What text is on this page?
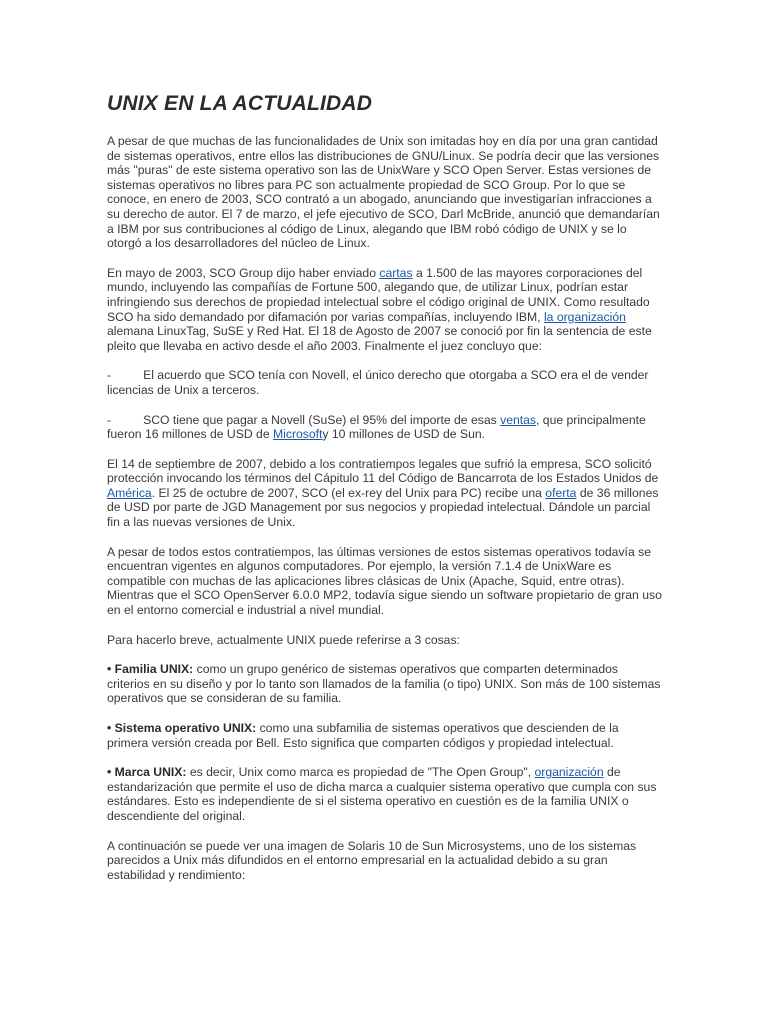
UNIX EN LA ACTUALIDAD

A pesar de que muchas de las funcionalidades de Unix son imitadas hoy en día por una gran cantidad de sistemas operativos, entre ellos las distribuciones de GNU/Linux. Se podría decir que las versiones más "puras" de este sistema operativo son las de UnixWare y SCO Open Server. Estas versiones de sistemas operativos no libres para PC son actualmente propiedad de SCO Group. Por lo que se conoce, en enero de 2003, SCO contrató a un abogado, anunciando que investigarían infracciones a su derecho de autor. El 7 de marzo, el jefe ejecutivo de SCO, Darl McBride, anunció que demandarían a IBM por sus contribuciones al código de Linux, alegando que IBM robó código de UNIX y se lo otorgó a los desarrolladores del núcleo de Linux.

En mayo de 2003, SCO Group dijo haber enviado cartas a 1.500 de las mayores corporaciones del mundo, incluyendo las compañías de Fortune 500, alegando que, de utilizar Linux, podrían estar infringiendo sus derechos de propiedad intelectual sobre el código original de UNIX. Como resultado SCO ha sido demandado por difamación por varias compañías, incluyendo IBM, la organización alemana LinuxTag, SuSE y Red Hat. El 18 de Agosto de 2007 se conoció por fin la sentencia de este pleito que llevaba en activo desde el año 2003. Finalmente el juez concluyo que:

-	El acuerdo que SCO tenía con Novell, el único derecho que otorgaba a SCO era el de vender licencias de Unix a terceros.

-	SCO tiene que pagar a Novell (SuSe) el 95% del importe de esas ventas, que principalmente fueron 16 millones de USD de Microsofty 10 millones de USD de Sun.

El 14 de septiembre de 2007, debido a los contratiempos legales que sufrió la empresa, SCO solicitó protección invocando los términos del Cápitulo 11 del Código de Bancarrota de los Estados Unidos de América. El 25 de octubre de 2007, SCO (el ex-rey del Unix para PC) recibe una oferta de 36 millones de USD por parte de JGD Management por sus negocios y propiedad intelectual. Dándole un parcial fin a las nuevas versiones de Unix.

A pesar de todos estos contratiempos, las últimas versiones de estos sistemas operativos todavía se encuentran vigentes en algunos computadores. Por ejemplo, la versión 7.1.4 de UnixWare es compatible con muchas de las aplicaciones libres clásicas de Unix (Apache, Squid, entre otras). Mientras que el SCO OpenServer 6.0.0 MP2, todavía sigue siendo un software propietario de gran uso en el entorno comercial e industrial a nivel mundial.

Para hacerlo breve, actualmente UNIX puede referirse a 3 cosas:

• Familia UNIX: como un grupo genérico de sistemas operativos que comparten determinados criterios en su diseño y por lo tanto son llamados de la familia (o tipo) UNIX. Son más de 100 sistemas operativos que se consideran de su familia.

• Sistema operativo UNIX: como una subfamilia de sistemas operativos que descienden de la primera versión creada por Bell. Esto significa que comparten códigos y propiedad intelectual.

• Marca UNIX: es decir, Unix como marca es propiedad de "The Open Group", organización de estandarización que permite el uso de dicha marca a cualquier sistema operativo que cumpla con sus estándares. Esto es independiente de si el sistema operativo en cuestión es de la familia UNIX o descendiente del original.

A continuación se puede ver una imagen de Solaris 10 de Sun Microsystems, uno de los sistemas parecidos a Unix más difundidos en el entorno empresarial en la actualidad debido a su gran estabilidad y rendimiento:
